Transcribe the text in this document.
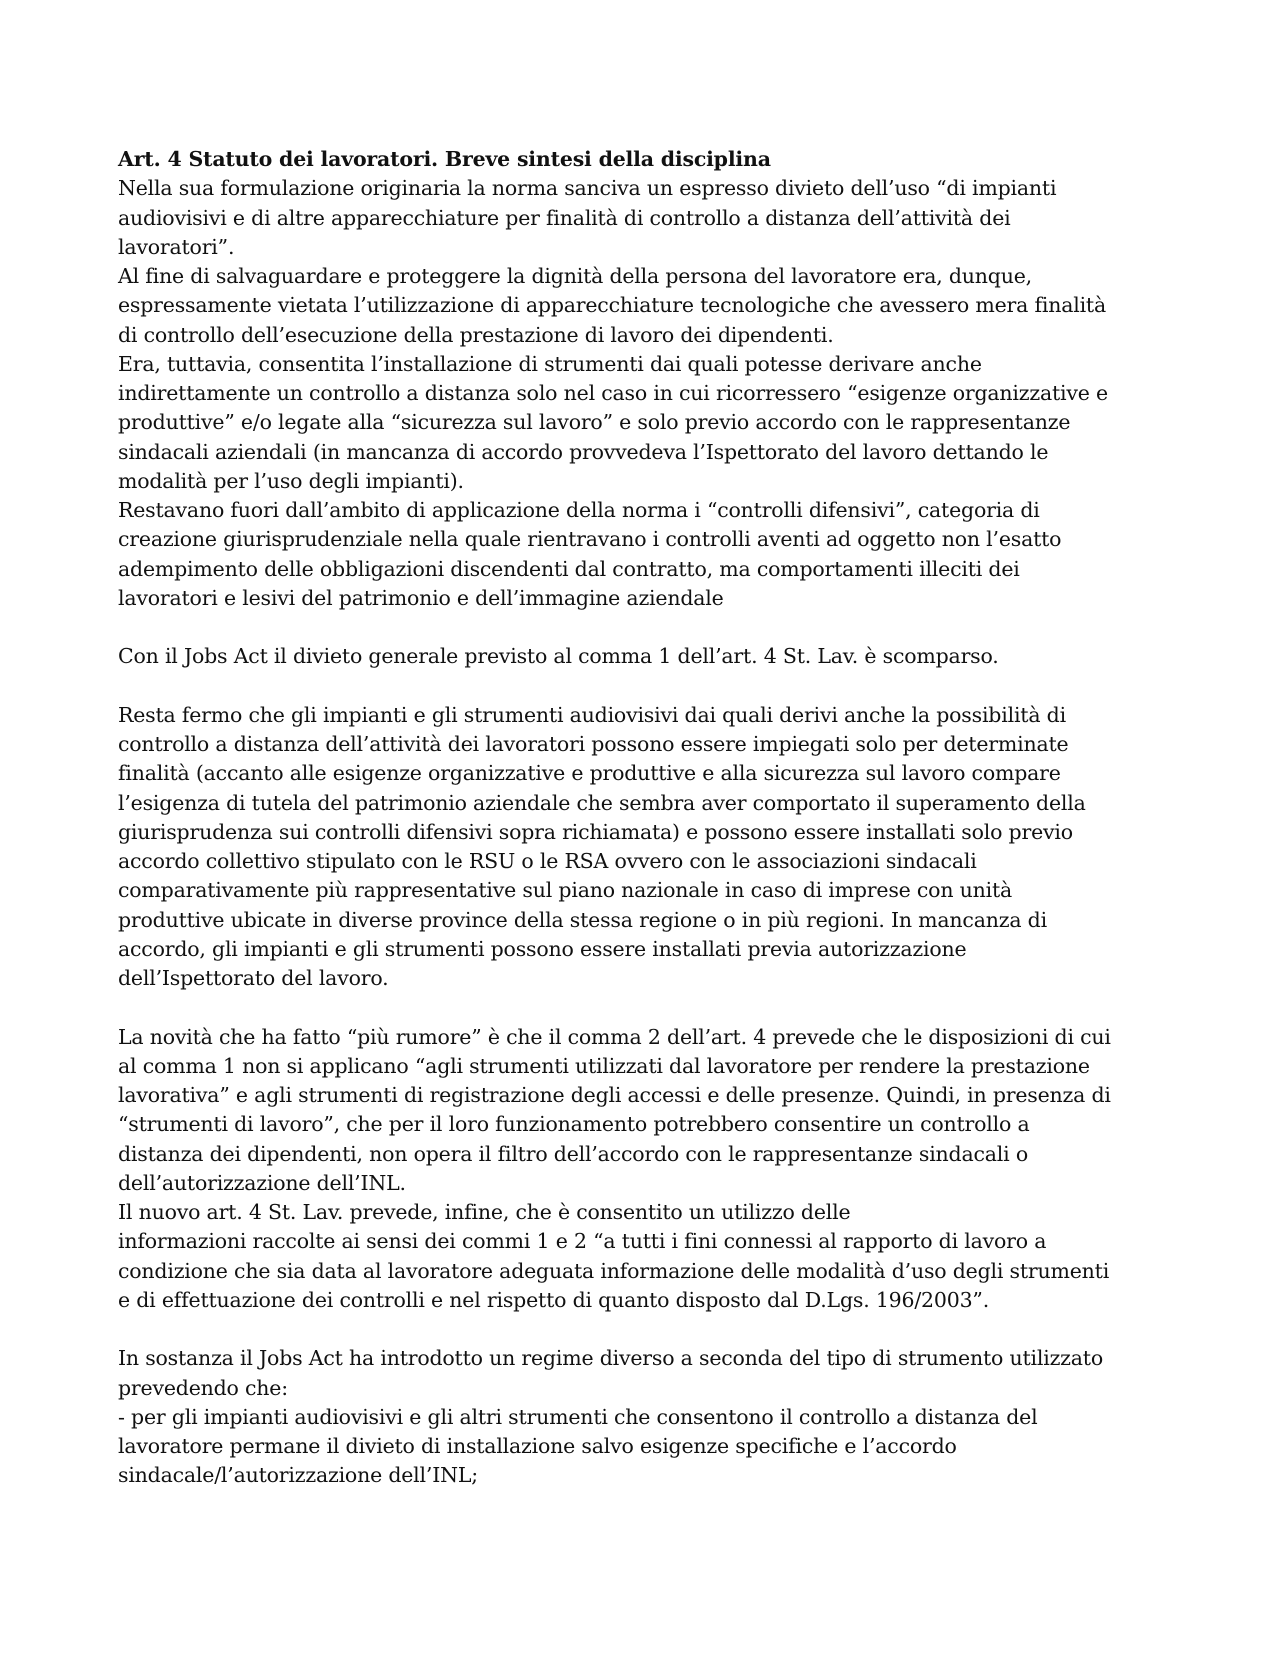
Art. 4 Statuto dei lavoratori. Breve sintesi della disciplina

Nella sua formulazione originaria la norma sanciva un espresso divieto dell’uso “di impianti
audiovisivi e di altre apparecchiature per finalità di controllo a distanza dell’attività dei
lavoratori”.

Al fine di salvaguardare e proteggere la dignità della persona del lavoratore era, dunque,
espressamente vietata l’utilizzazione di apparecchiature tecnologiche che avessero mera finalità
di controllo dell’esecuzione della prestazione di lavoro dei dipendenti.

Era, tuttavia, consentita l’installazione di strumenti dai quali potesse derivare anche
indirettamente un controllo a distanza solo nel caso in cui ricorressero “esigenze organizzative e
produttive” e/o legate alla “sicurezza sul lavoro” e solo previo accordo con le rappresentanze
sindacali aziendali (in mancanza di accordo provvedeva l’Ispettorato del lavoro dettando le
modalità per l’uso degli impianti).

Restavano fuori dall’ambito di applicazione della norma i “controlli difensivi”, categoria di
creazione giurisprudenziale nella quale rientravano i controlli aventi ad oggetto non l’esatto
adempimento delle obbligazioni discendenti dal contratto, ma comportamenti illeciti dei
lavoratori e lesivi del patrimonio e dell’immagine aziendale

Con il Jobs Act il divieto generale previsto al comma 1 dell’art. 4 St. Lav. è scomparso.

Resta fermo che gli impianti e gli strumenti audiovisivi dai quali derivi anche la possibilità di
controllo a distanza dell’attività dei lavoratori possono essere impiegati solo per determinate
finalità (accanto alle esigenze organizzative e produttive e alla sicurezza sul lavoro compare
l’esigenza di tutela del patrimonio aziendale che sembra aver comportato il superamento della
giurisprudenza sui controlli difensivi sopra richiamata) e possono essere installati solo previo
accordo collettivo stipulato con le RSU o le RSA ovvero con le associazioni sindacali
comparativamente più rappresentative sul piano nazionale in caso di imprese con unità
produttive ubicate in diverse province della stessa regione o in più regioni. In mancanza di
accordo, gli impianti e gli strumenti possono essere installati previa autorizzazione
dell’Ispettorato del lavoro.

La novità che ha fatto “più rumore” è che il comma 2 dell’art. 4 prevede che le disposizioni di cui
al comma 1 non si applicano “agli strumenti utilizzati dal lavoratore per rendere la prestazione
lavorativa” e agli strumenti di registrazione degli accessi e delle presenze. Quindi, in presenza di
“strumenti di lavoro”, che per il loro funzionamento potrebbero consentire un controllo a
distanza dei dipendenti, non opera il filtro dell’accordo con le rappresentanze sindacali o
dell’autorizzazione dell’INL.

Il nuovo art. 4 St. Lav. prevede, infine, che è consentito un utilizzo delle
informazioni raccolte ai sensi dei commi 1 e 2 “a tutti i fini connessi al rapporto di lavoro a
condizione che sia data al lavoratore adeguata informazione delle modalità d’uso degli strumenti
e di effettuazione dei controlli e nel rispetto di quanto disposto dal D.Lgs. 196/2003”.

In sostanza il Jobs Act ha introdotto un regime diverso a seconda del tipo di strumento utilizzato
prevedendo che:

- per gli impianti audiovisivi e gli altri strumenti che consentono il controllo a distanza del
lavoratore permane il divieto di installazione salvo esigenze specifiche e l’accordo
sindacale/l’autorizzazione dell’INL;
